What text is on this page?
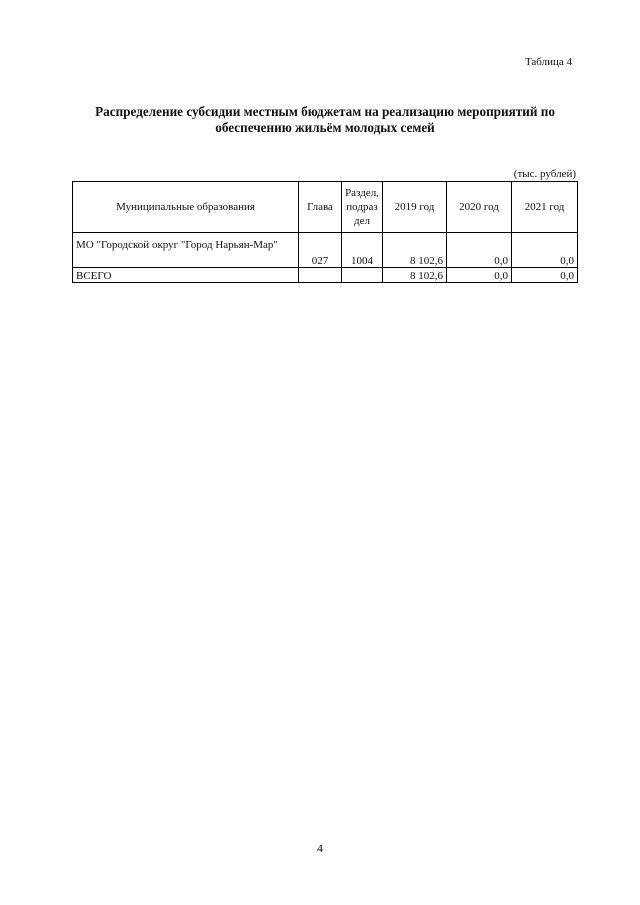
Таблица 4
Распределение субсидии местным бюджетам на реализацию мероприятий по
обеспечению жильём молодых семей
(тыс. рублей)
Муниципальные образования	Глава	Раздел,
подраз
дел	2019 год	2020 год	2021 год
МО "Городской округ "Город Нарьян-Мар"	027	1004	8 102,6	0,0	0,0
ВСЕГО			8 102,6	0,0	0,0
4
